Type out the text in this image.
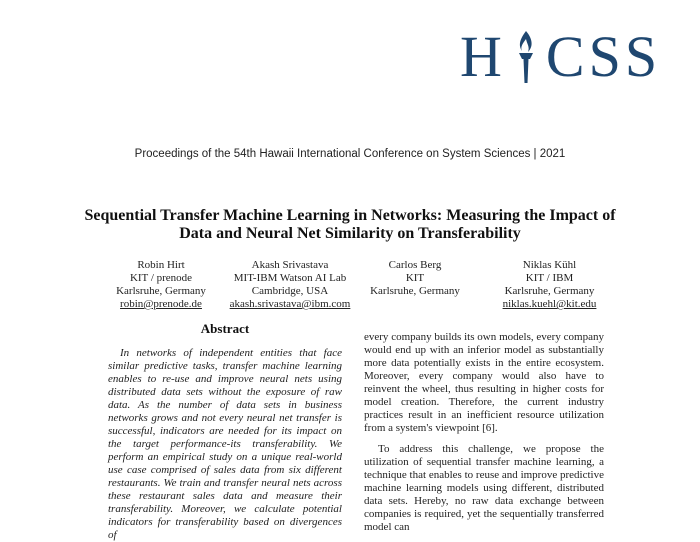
H CSS
Proceedings of the 54th Hawaii International Conference on System Sciences | 2021
Sequential Transfer Machine Learning in Networks: Measuring the Impact of Data and Neural Net Similarity on Transferability
Robin Hirt
KIT / prenode
Karlsruhe, Germany
robin@prenode.de
Akash Srivastava
MIT-IBM Watson AI Lab
Cambridge, USA
akash.srivastava@ibm.com
Carlos Berg
KIT
Karlsruhe, Germany
Niklas Kühl
KIT / IBM
Karlsruhe, Germany
niklas.kuehl@kit.edu
Abstract

In networks of independent entities that face similar predictive tasks, transfer machine learning enables to re-use and improve neural nets using distributed data sets without the exposure of raw data. As the number of data sets in business networks grows and not every neural net transfer is successful, indicators are needed for its impact on the target performance-its transferability. We perform an empirical study on a unique real-world use case comprised of sales data from six different restaurants. We train and transfer neural nets across these restaurant sales data and measure their transferability. Moreover, we calculate potential indicators for transferability based on divergences of

every company builds its own models, every company would end up with an inferior model as substantially more data potentially exists in the entire ecosystem. Moreover, every company would also have to reinvent the wheel, thus resulting in higher costs for model creation. Therefore, the current industry practices result in an inefficient resource utilization from a system's viewpoint [6].

To address this challenge, we propose the utilization of sequential transfer machine learning, a technique that enables to reuse and improve predictive machine learning models using different, distributed data sets. Hereby, no raw data exchange between companies is required, yet the sequentially transferred model can
